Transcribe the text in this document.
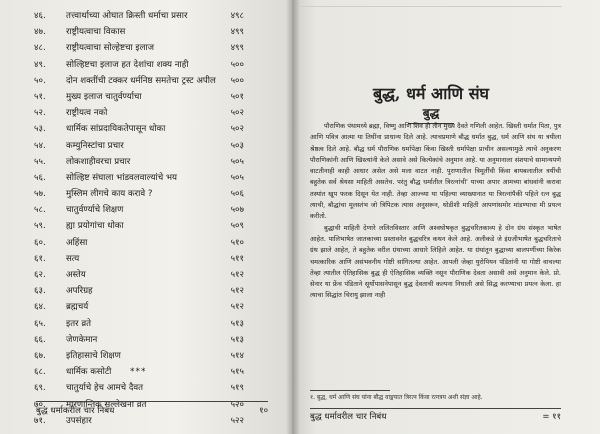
४६.	तत्त्वार्थाच्या ओघात क्रिस्ती धर्माचा प्रसार	४९८
४७.	राष्ट्रीयत्वाचा विकास	४९९
४८.	राष्ट्रीयत्वाचा सोल्हेष्टचा इलाज	४९९
४९.	सोल्हिष्टचा इलाज हत देशांचा शक्य नाही	५००
५०.	दोन शक्तींची टक्कर धर्मनिष्ठ समतेचा ट्रस्ट अपील ५००
५१.	मुख्य इलाज चातुर्वर्ण्याचा	५०१
५२.	राष्ट्रीयत्व नको	५०२
५३.	धार्मिक सांप्रदायिकतेपासून धोका	५०२
५४.	कम्युनिस्टांचा प्रचार	५०३
५५.	लोकशाहीवरचा प्रचार	५०५
५६.	सोल्हिष्ट संघाला भांडवलवाल्यांचे भय	५०५
५७.	मुस्लिम लीगचे काय करावे ?	५०६
५८.	चातुर्वर्ण्याचे शिक्षण	५०७
५९.	ह्या प्रयोगांचा धोका	५०९
६०.	अहिंसा	५१०
६१.	सत्य	५११
६२.	अस्तेय	५१२
६३.	अपरिग्रह	५१२
६४.	ब्रह्मचर्य	५१२
६५.	इतर व्रते	५१३
६६.	जेणकेमान	५१३
६७.	इतिहासाचे शिक्षण	५१४
६८.	धार्मिक कसोटी	५१५
६९.	चातुर्याचे हेच आमचे दैवत	५१९
७०.	मारणान्तिक सल्लेखना व्रत	५२०
७१.	उपसंहार	५२२
***
बुद्ध धर्माकरील चार निबंध	१०
बुद्ध, धर्म आणि संघ
बुद्ध

पौराणिक पंथामध्ये ब्रह्मा, विष्णु आणि शिव ही तीन मुख्य दैवते गणिली आहेत. खिस्ती धर्मात पिता, पुत्र आणि पवित्र आत्मा या तिघींना प्राधान्य दिले आहे. त्याचप्रमाणे बौद्ध धर्मात बुद्ध, धर्म आणि संघ या त्रयीला श्रेष्ठत्व दिले आहे. बौद्ध धर्म पौराणिक धर्मापेक्षा किंवा खिस्ती धर्मापेक्षा प्राचीन असल्यामुळे त्याचे अनुकरण पौराणिकांनी आणि खिस्त्यांनी केले असावे असे कित्येकांचे अनुमान आहे. या अनुमानाला संशयाचे सामान्यपणे वाटतीनाही काही आधार असेल असे मला वाटत नाही. पुराणातील त्रिमूर्तींची किंवा बायबलातील त्रयींची बहुतेक सर्व श्रेयसा माहिती असतेच. परंतु बौद्ध धर्मातील त्रिरत्नांची' याच्या अपार आमच्या बांधवांनी करावा तस्यांत खूप फरक दिसून येत नाही. तेव्हा आज्च्या या पहिल्या व्याख्यानात या त्रिरत्नांपैकी पहिले रत्न बुद्ध त्याची, बौद्धांचा मूलस्तंभ जो त्रिपिटक त्यास अनुसरून, थोडीशी माहिती आपणांसमोर मांडण्याचा मी प्रयत्न करीतो.

बुद्धाची माहिती देणारे ललितविस्तार आणि अश्वघोषकृत बुद्धचरितकाव्य हे दोन ग्रंथ संस्कृत भाषेत आहेत. पालिभाषेत जातकाच्या प्रस्तावनेत बुद्धचरित्र कथन केले आहे. अलीकडे जे इंग्रजीभाषेत बुद्धचरिताचे ग्रंथ झाले आहेत, ते बहुतेक वरील ग्रंथाच्या आधारे लिहिले आहेत. या ग्रंथांतून बुद्धाच्या बालपणींच्या किरेक चमत्कारिक आणि असंभवनीय गोष्टी सांगितल्या आहेत. आपली जेव्हा युरोपियन पंडितांनी या गोष्टी वाचल्या तेव्हा त्यातील ऐतिहासिक बुद्ध ही ऐतिहासिक व्यक्ति नसून पौराणिक देवता असावी असे अनुमान केले. प्रो. सेनार या फ्रेंच पंडिताने सूर्योपासनेपासून बुद्ध देवताची कल्पना निघाली असे सिद्ध करण्याचा प्रयत्न केला. हा त्याचा सिद्धांत चिरायु झाला नाही

१. बुद्ध, धर्म आणि संघ यांना बौद्ध वाङ्मयात त्रिरत्न किंवा रत्नत्रय अशी संज्ञा आहे.
बुद्ध धर्मावरील चार निबंध	= ११
